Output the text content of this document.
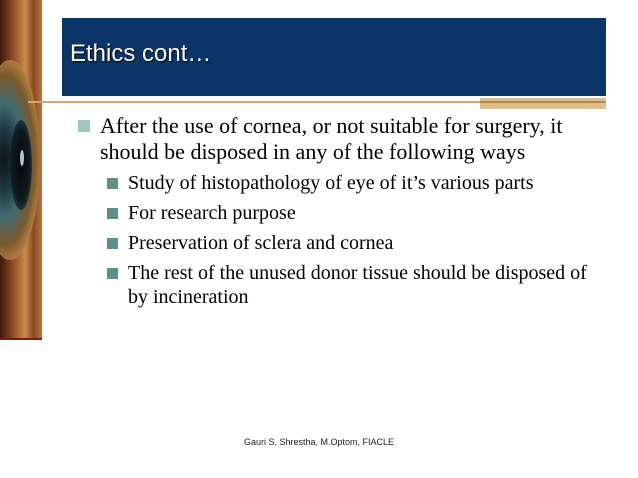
Ethics cont…
After the use of cornea, or not suitable for surgery, it should be disposed in any of the following ways
Study of histopathology of eye of it’s various parts
For research purpose
Preservation of sclera and cornea
The rest of the unused donor tissue should be disposed of by incineration
Gauri S. Shrestha, M.Optom, FIACLE
